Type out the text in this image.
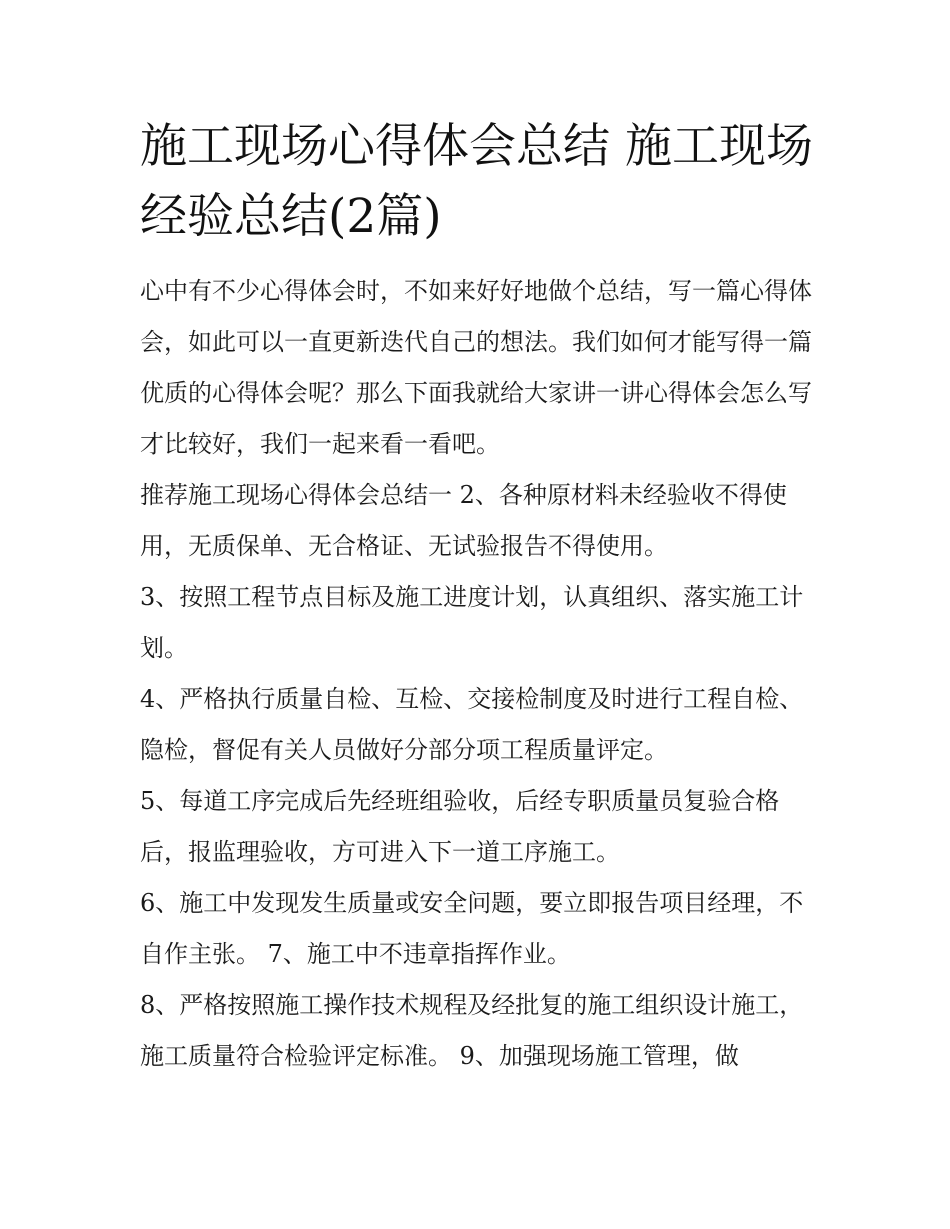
施工现场心得体会总结 施工现场经验总结(2篇)

心中有不少心得体会时，不如来好好地做个总结，写一篇心得体会，如此可以一直更新迭代自己的想法。我们如何才能写得一篇优质的心得体会呢？那么下面我就给大家讲一讲心得体会怎么写才比较好，我们一起来看一看吧。

推荐施工现场心得体会总结一 2、各种原材料未经验收不得使用，无质保单、无合格证、无试验报告不得使用。

3、按照工程节点目标及施工进度计划，认真组织、落实施工计划。

4、严格执行质量自检、互检、交接检制度及时进行工程自检、隐检，督促有关人员做好分部分项工程质量评定。

5、每道工序完成后先经班组验收，后经专职质量员复验合格后，报监理验收，方可进入下一道工序施工。

6、施工中发现发生质量或安全问题，要立即报告项目经理，不自作主张。 7、施工中不违章指挥作业。

8、严格按照施工操作技术规程及经批复的施工组织设计施工，施工质量符合检验评定标准。 9、加强现场施工管理，做
